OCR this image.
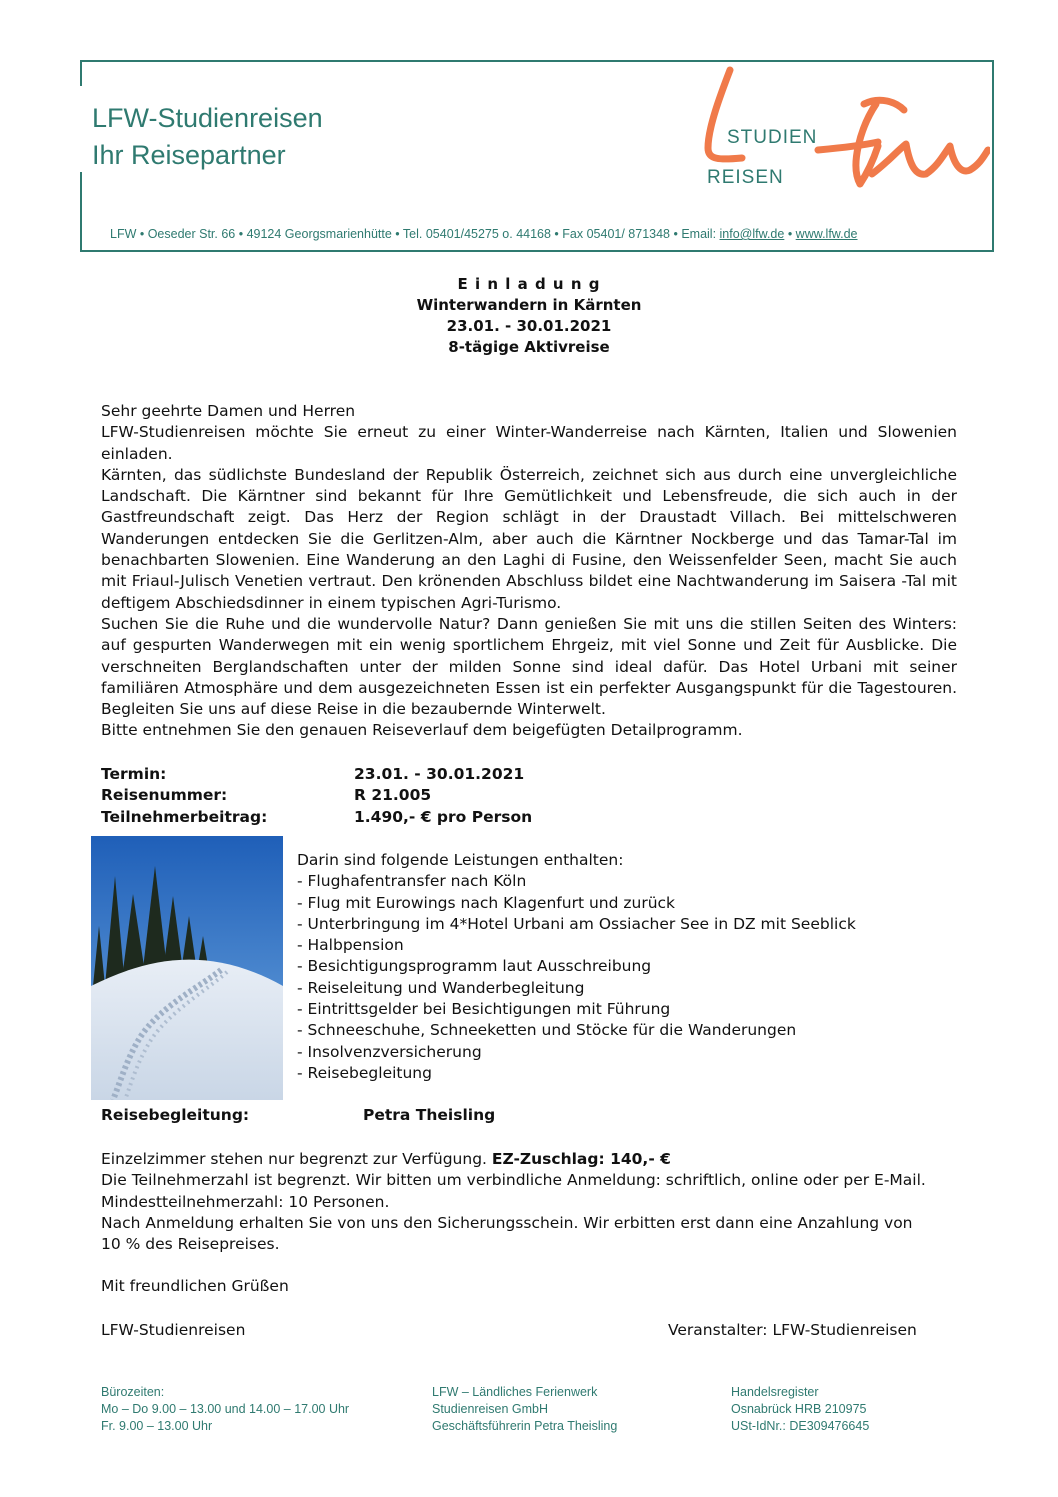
LFW-Studienreisen
Ihr Reisepartner
STUDIEN
REISEN
LFW • Oeseder Str. 66 • 49124 Georgsmarienhütte • Tel. 05401/45275 o. 44168 • Fax 05401/ 871348 • Email: info@lfw.de • www.lfw.de
E i n l a d u n g
Winterwandern in Kärnten
23.01. - 30.01.2021
8-tägige Aktivreise
Sehr geehrte Damen und Herren
LFW-Studienreisen möchte Sie erneut zu einer Winter-Wanderreise nach Kärnten, Italien und Slowenien einladen.
Kärnten, das südlichste Bundesland der Republik Österreich, zeichnet sich aus durch eine unvergleichliche Landschaft. Die Kärntner sind bekannt für Ihre Gemütlichkeit und Lebensfreude, die sich auch in der Gastfreundschaft zeigt. Das Herz der Region schlägt in der Draustadt Villach. Bei mittelschweren Wanderungen entdecken Sie die Gerlitzen-Alm, aber auch die Kärntner Nockberge und das Tamar-Tal im benachbarten Slowenien. Eine Wanderung an den Laghi di Fusine, den Weissenfelder Seen, macht Sie auch mit Friaul-Julisch Venetien vertraut. Den krönenden Abschluss bildet eine Nachtwanderung im Saisera -Tal mit deftigem Abschiedsdinner in einem typischen Agri-Turismo.
Suchen Sie die Ruhe und die wundervolle Natur? Dann genießen Sie mit uns die stillen Seiten des Winters: auf gespurten Wanderwegen mit ein wenig sportlichem Ehrgeiz, mit viel Sonne und Zeit für Ausblicke. Die verschneiten Berglandschaften unter der milden Sonne sind ideal dafür. Das Hotel Urbani mit seiner familiären Atmosphäre und dem ausgezeichneten Essen ist ein perfekter Ausgangspunkt für die Tagestouren. Begleiten Sie uns auf diese Reise in die bezaubernde Winterwelt.
Bitte entnehmen Sie den genauen Reiseverlauf dem beigefügten Detailprogramm.
Termin:	23.01. - 30.01.2021
Reisenummer:	R 21.005
Teilnehmerbeitrag:	1.490,- € pro Person
Darin sind folgende Leistungen enthalten:
- Flughafentransfer nach Köln
- Flug mit Eurowings nach Klagenfurt und zurück
- Unterbringung im 4*Hotel Urbani am Ossiacher See in DZ mit Seeblick
- Halbpension
- Besichtigungsprogramm laut Ausschreibung
- Reiseleitung und Wanderbegleitung
- Eintrittsgelder bei Besichtigungen mit Führung
- Schneeschuhe, Schneeketten und Stöcke für die Wanderungen
- Insolvenzversicherung
- Reisebegleitung
Reisebegleitung:	Petra Theisling
Einzelzimmer stehen nur begrenzt zur Verfügung. EZ-Zuschlag: 140,- €
Die Teilnehmerzahl ist begrenzt. Wir bitten um verbindliche Anmeldung: schriftlich, online oder per E-Mail.
Mindestteilnehmerzahl: 10 Personen.
Nach Anmeldung erhalten Sie von uns den Sicherungsschein. Wir erbitten erst dann eine Anzahlung von
10 % des Reisepreises.
Mit freundlichen Grüßen
LFW-Studienreisen	Veranstalter: LFW-Studienreisen
Bürozeiten:
Mo – Do 9.00 – 13.00 und 14.00 – 17.00 Uhr
Fr. 9.00 – 13.00 Uhr
LFW – Ländliches Ferienwerk
Studienreisen GmbH
Geschäftsführerin Petra Theisling
Handelsregister
Osnabrück HRB 210975
USt-IdNr.: DE309476645
